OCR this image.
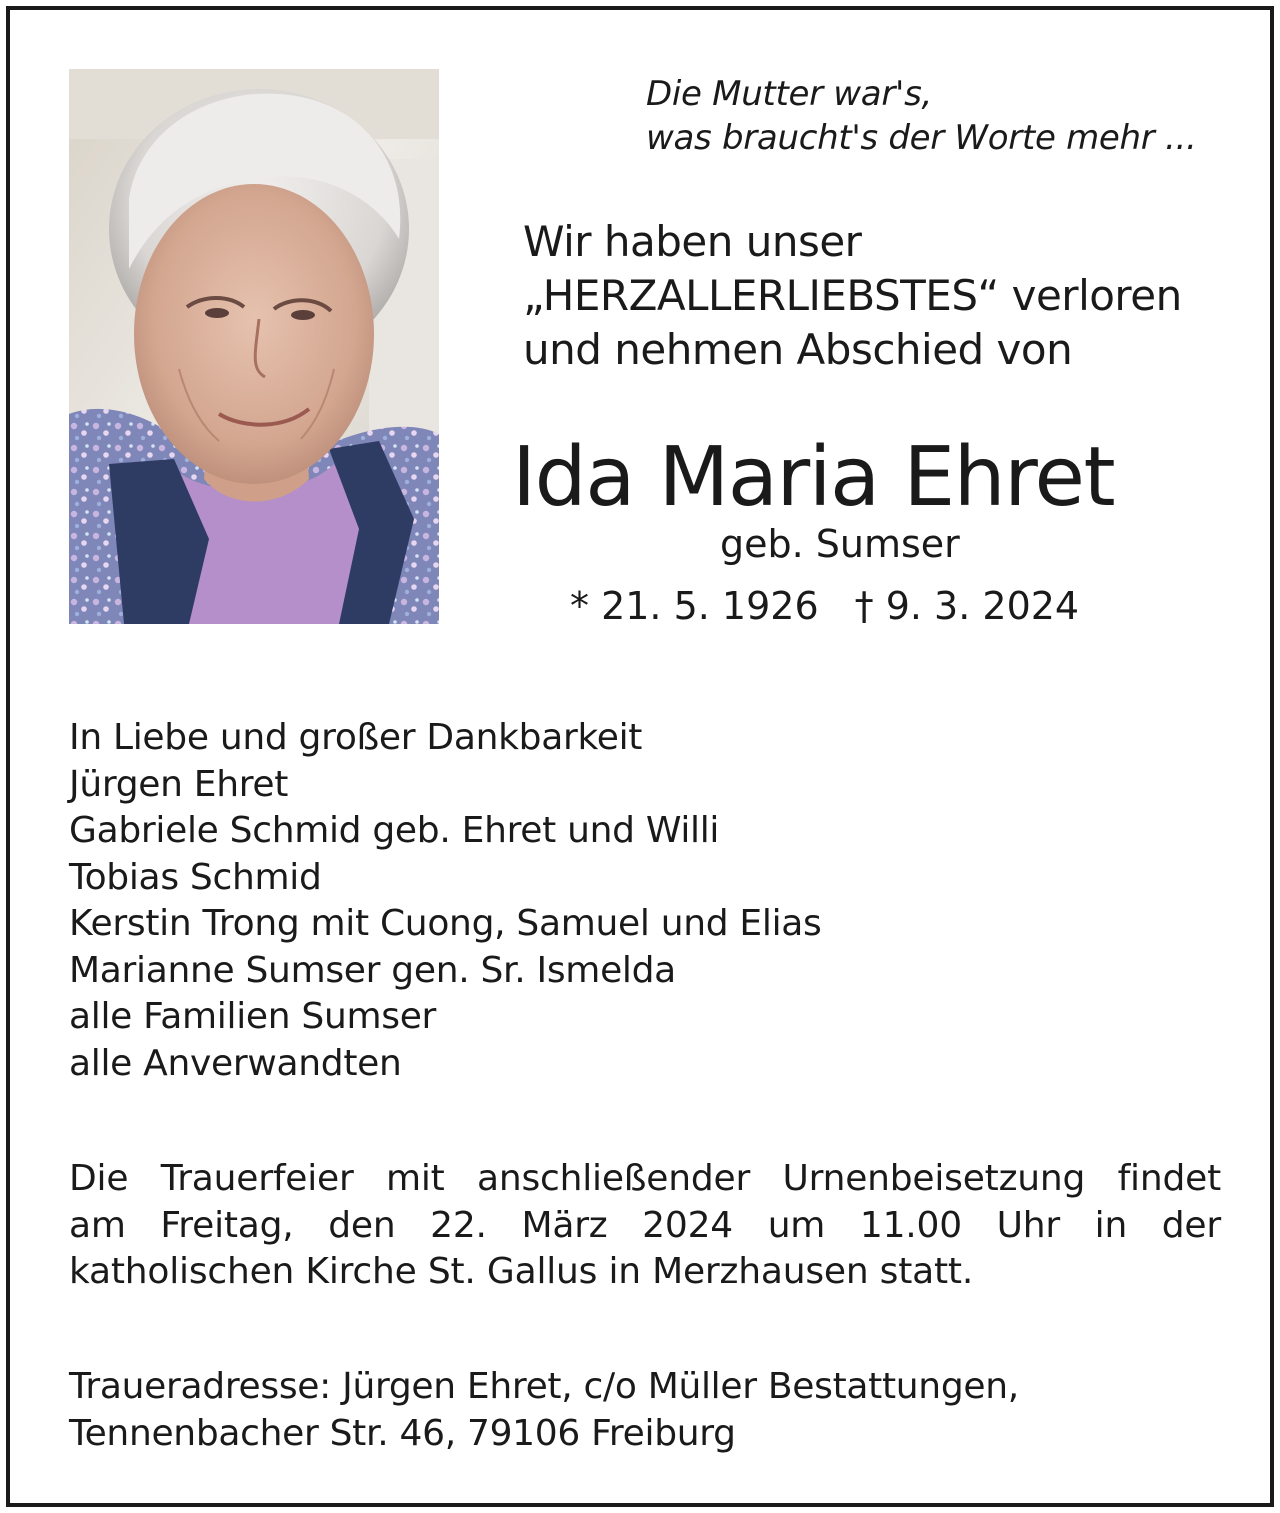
Die Mutter war's,
was braucht's der Worte mehr ...
Wir haben unser
„HERZALLERLIEBSTES“ verloren
und nehmen Abschied von
Ida Maria Ehret
geb. Sumser
* 21. 5. 1926 † 9. 3. 2024
In Liebe und großer Dankbarkeit
Jürgen Ehret
Gabriele Schmid geb. Ehret und Willi
Tobias Schmid
Kerstin Trong mit Cuong, Samuel und Elias
Marianne Sumser gen. Sr. Ismelda
alle Familien Sumser
alle Anverwandten
Die Trauerfeier mit anschließender Urnenbeisetzung findet
am Freitag, den 22. März 2024 um 11.00 Uhr in der
katholischen Kirche St. Gallus in Merzhausen statt.
Traueradresse: Jürgen Ehret, c/o Müller Bestattungen,
Tennenbacher Str. 46, 79106 Freiburg
